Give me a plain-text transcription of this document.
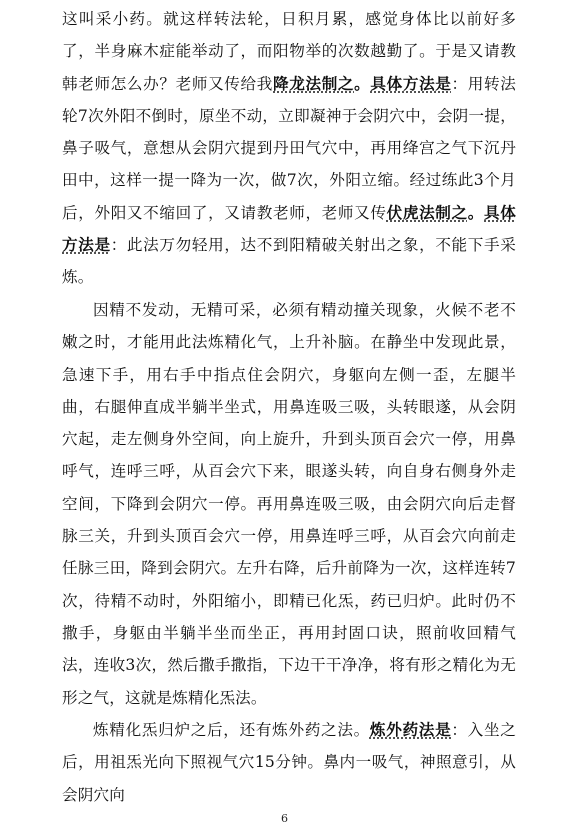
这叫采小药。就这样转法轮，日积月累，感觉身体比以前好多了，半身麻木症能举动了，而阳物举的次数越勤了。于是又请教韩老师怎么办？老师又传给我降龙法制之。具体方法是：用转法轮7次外阳不倒时，原坐不动，立即凝神于会阴穴中，会阴一提，鼻子吸气，意想从会阴穴提到丹田气穴中，再用绛宫之气下沉丹田中，这样一提一降为一次，做7次，外阳立缩。经过练此3个月后，外阳又不缩回了，又请教老师，老师又传伏虎法制之。具体方法是：此法万勿轻用，达不到阳精破关射出之象，不能下手采炼。

因精不发动，无精可采，必须有精动撞关现象，火候不老不嫩之时，才能用此法炼精化气，上升补脑。在静坐中发现此景，急速下手，用右手中指点住会阴穴，身躯向左侧一歪，左腿半曲，右腿伸直成半躺半坐式，用鼻连吸三吸，头转眼遂，从会阴穴起，走左侧身外空间，向上旋升，升到头顶百会穴一停，用鼻呼气，连呼三呼，从百会穴下来，眼遂头转，向自身右侧身外走空间，下降到会阴穴一停。再用鼻连吸三吸，由会阴穴向后走督脉三关，升到头顶百会穴一停，用鼻连呼三呼，从百会穴向前走任脉三田，降到会阴穴。左升右降，后升前降为一次，这样连转7次，待精不动时，外阳缩小，即精已化炁，药已归炉。此时仍不撒手，身躯由半躺半坐而坐正，再用封固口诀，照前收回精气法，连收3次，然后撒手撒指，下边干干净净，将有形之精化为无形之气，这就是炼精化炁法。

炼精化炁归炉之后，还有炼外药之法。炼外药法是：入坐之后，用祖炁光向下照视气穴15分钟。鼻内一吸气，神照意引，从会阴穴向

6
